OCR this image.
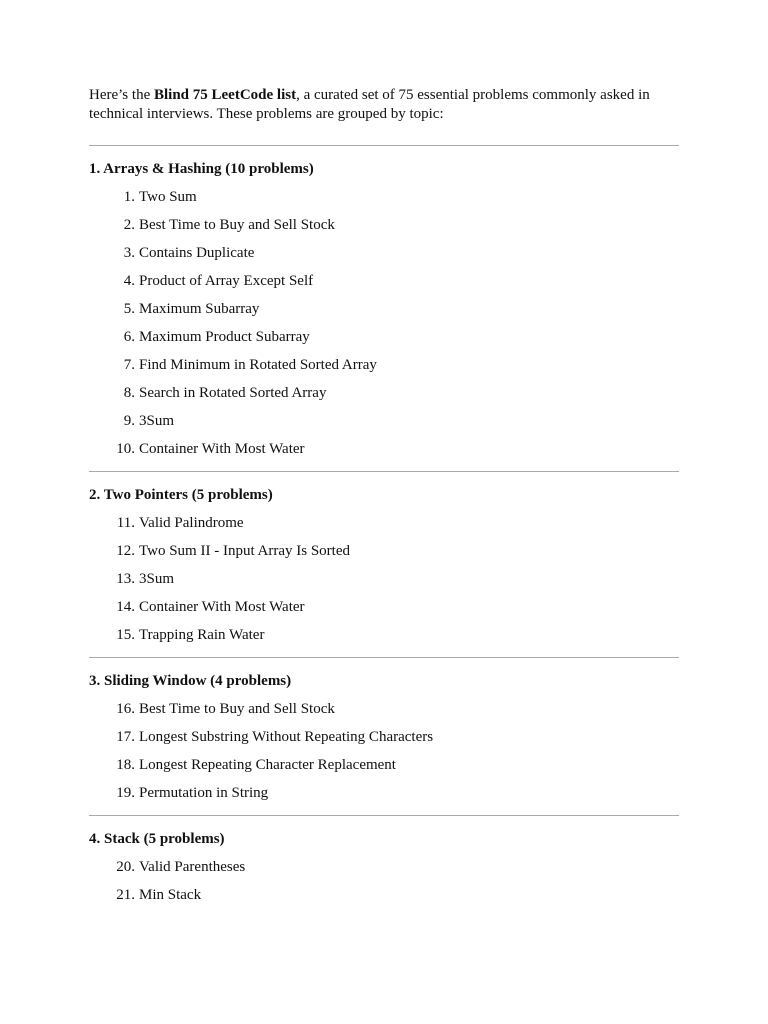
Here’s the Blind 75 LeetCode list, a curated set of 75 essential problems commonly asked in technical interviews. These problems are grouped by topic:

1. Arrays & Hashing (10 problems)

1. Two Sum
2. Best Time to Buy and Sell Stock
3. Contains Duplicate
4. Product of Array Except Self
5. Maximum Subarray
6. Maximum Product Subarray
7. Find Minimum in Rotated Sorted Array
8. Search in Rotated Sorted Array
9. 3Sum
10. Container With Most Water

2. Two Pointers (5 problems)

11. Valid Palindrome
12. Two Sum II - Input Array Is Sorted
13. 3Sum
14. Container With Most Water
15. Trapping Rain Water

3. Sliding Window (4 problems)

16. Best Time to Buy and Sell Stock
17. Longest Substring Without Repeating Characters
18. Longest Repeating Character Replacement
19. Permutation in String

4. Stack (5 problems)

20. Valid Parentheses
21. Min Stack
